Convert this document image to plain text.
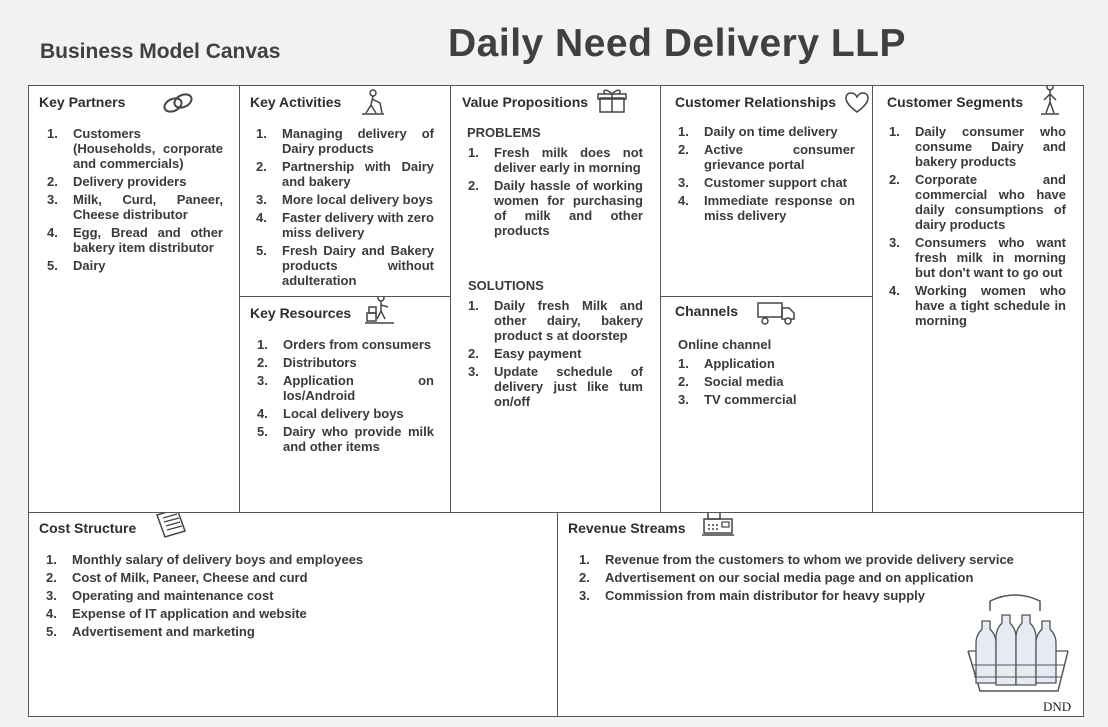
Business Model Canvas	Daily Need Delivery LLP
Key Partners
1. Customers (Households, corporate and commercials)
2. Delivery providers
3. Milk, Curd, Paneer, Cheese distributor
4. Egg, Bread and other bakery item distributor
5. Dairy
Key Activities
1. Managing delivery of Dairy products
2. Partnership with Dairy and bakery
3. More local delivery boys
4. Faster delivery with zero miss delivery
5. Fresh Dairy and Bakery products without adulteration
Key Resources
1. Orders from consumers
2. Distributors
3. Application on Ios/Android
4. Local delivery boys
5. Dairy who provide milk and other items
Value Propositions
PROBLEMS
1. Fresh milk does not deliver early in morning
2. Daily hassle of working women for purchasing of milk and other products
SOLUTIONS
1. Daily fresh Milk and other dairy, bakery product s at doorstep
2. Easy payment
3. Update schedule of delivery just like tum on/off
Customer Relationships
1. Daily on time delivery
2. Active consumer grievance portal
3. Customer support chat
4. Immediate response on miss delivery
Channels
Online channel
1. Application
2. Social media
3. TV commercial
Customer Segments
1. Daily consumer who consume Dairy and bakery products
2. Corporate and commercial who have daily consumptions of dairy products
3. Consumers who want fresh milk in morning but don't want to go out
4. Working women who have a tight schedule in morning
Cost Structure
1. Monthly salary of delivery boys and employees
2. Cost of Milk, Paneer, Cheese and curd
3. Operating and maintenance cost
4. Expense of IT application and website
5. Advertisement and marketing
Revenue Streams
1. Revenue from the customers to whom we provide delivery service
2. Advertisement on our social media page and on application
3. Commission from main distributor for heavy supply
DND
